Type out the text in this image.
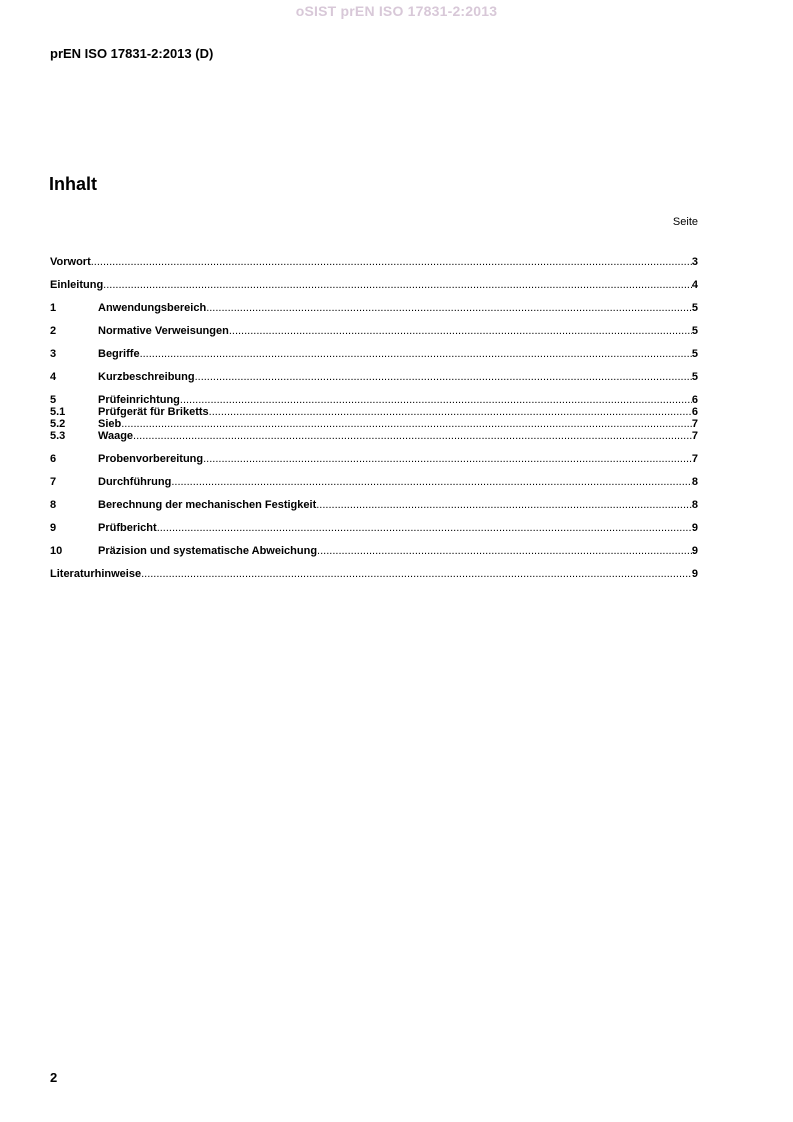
oSIST prEN ISO 17831-2:2013
prEN ISO 17831-2:2013 (D)
Inhalt
Seite
Vorwort .....	3
Einleitung .....	4
1	Anwendungsbereich .....	5
2	Normative Verweisungen .....	5
3	Begriffe .....	5
4	Kurzbeschreibung .....	5
5	Prüfeinrichtung .....	6
5.1	Prüfgerät für Briketts .....	6
5.2	Sieb .....	7
5.3	Waage .....	7
6	Probenvorbereitung .....	7
7	Durchführung .....	8
8	Berechnung der mechanischen Festigkeit .....	8
9	Prüfbericht .....	9
10	Präzision und systematische Abweichung .....	9
Literaturhinweise .....	9
2
